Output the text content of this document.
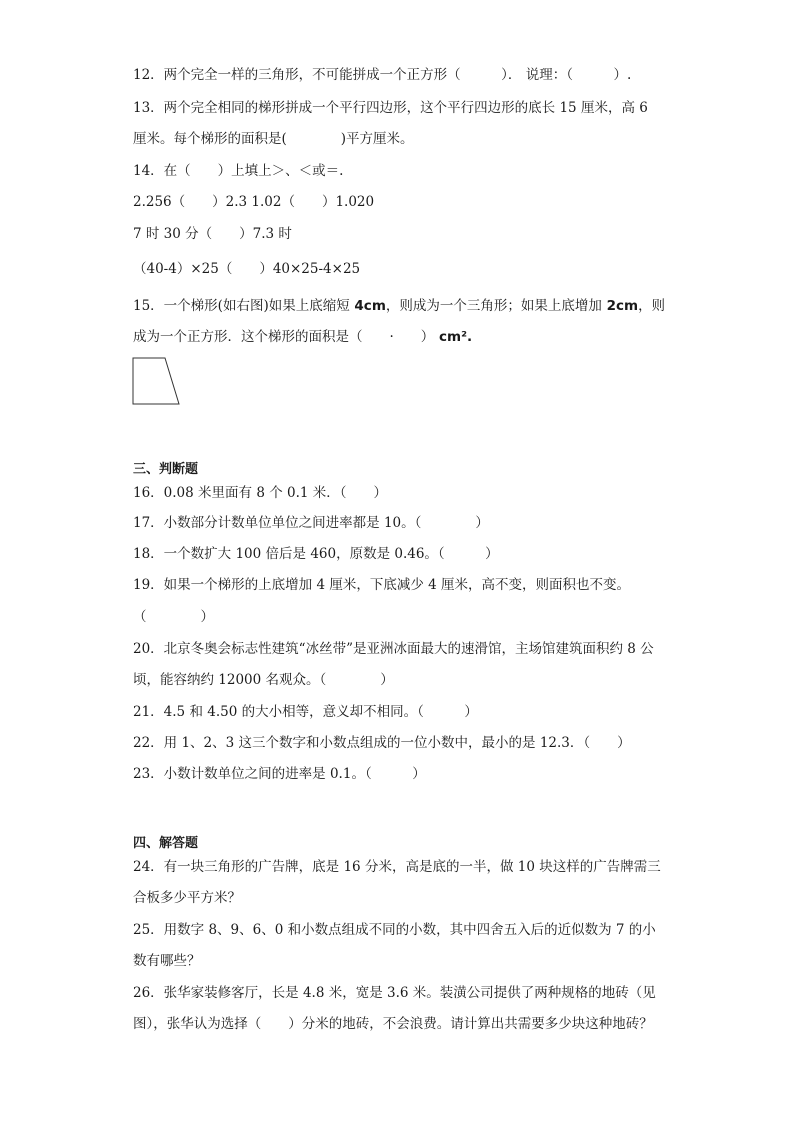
12．两个完全一样的三角形，不可能拼成一个正方形（　　　）． 说理：（　　　）.
13．两个完全相同的梯形拼成一个平行四边形，这个平行四边形的底长 15 厘米，高 6
厘米。每个梯形的面积是(　　　　)平方厘米。
14．在（　　）上填上＞、＜或＝.
2.256（　　）2.3 1.02（　　）1.020
7 时 30 分（　　）7.3 时
（40-4）×25（　　）40×25-4×25
15．一个梯形(如右图)如果上底缩短 4cm，则成为一个三角形；如果上底增加 2cm，则
成为一个正方形．这个梯形的面积是（　　·　　） cm².
三、判断题
16．0.08 米里面有 8 个 0.1 米．（　　）
17．小数部分计数单位单位之间进率都是 10。（　　　　）
18．一个数扩大 100 倍后是 460，原数是 0.46。（　　　）
19．如果一个梯形的上底增加 4 厘米，下底减少 4 厘米，高不变，则面积也不变。
（　　　　）
20．北京冬奥会标志性建筑“冰丝带”是亚洲冰面最大的速滑馆，主场馆建筑面积约 8 公
顷，能容纳约 12000 名观众。（　　　　）
21．4.5 和 4.50 的大小相等，意义却不相同。（　　　）
22．用 1、2、3 这三个数字和小数点组成的一位小数中，最小的是 12.3．（　　）
23．小数计数单位之间的进率是 0.1。（　　　）
四、解答题
24．有一块三角形的广告牌，底是 16 分米，高是底的一半，做 10 块这样的广告牌需三
合板多少平方米？
25．用数字 8、9、6、0 和小数点组成不同的小数，其中四舍五入后的近似数为 7 的小
数有哪些？
26．张华家装修客厅，长是 4.8 米，宽是 3.6 米。装潢公司提供了两种规格的地砖（见
图），张华认为选择（　　）分米的地砖，不会浪费。请计算出共需要多少块这种地砖？
